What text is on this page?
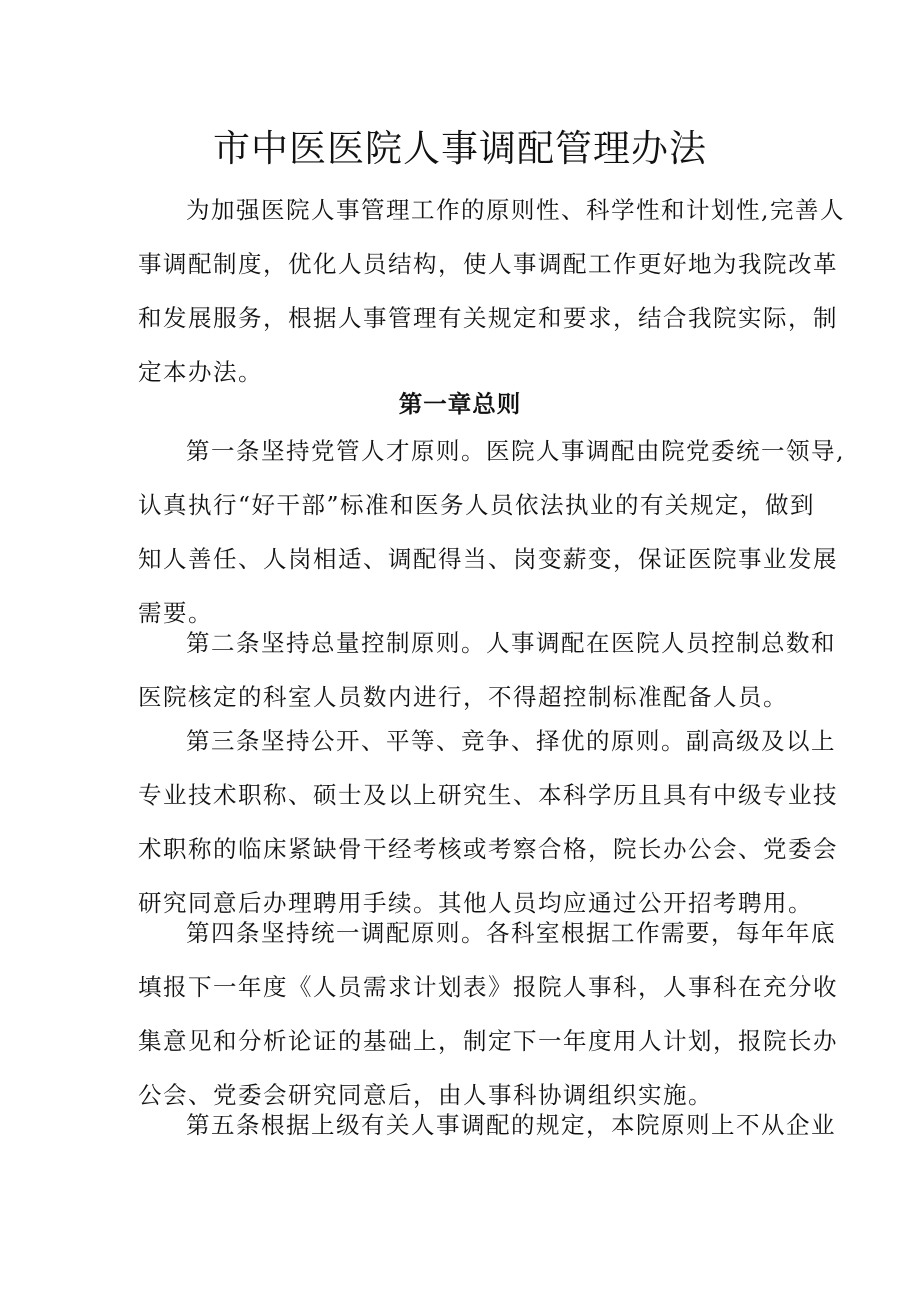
市中医医院人事调配管理办法
为加强医院人事管理工作的原则性、科学性和计划性,完善人
事调配制度，优化人员结构，使人事调配工作更好地为我院改革
和发展服务，根据人事管理有关规定和要求，结合我院实际，制
定本办法。
第一章总则
第一条坚持党管人才原则。医院人事调配由院党委统一领导,
认真执行“好干部”标准和医务人员依法执业的有关规定，做到
知人善任、人岗相适、调配得当、岗变薪变，保证医院事业发展
需要。
第二条坚持总量控制原则。人事调配在医院人员控制总数和
医院核定的科室人员数内进行，不得超控制标准配备人员。
第三条坚持公开、平等、竞争、择优的原则。副高级及以上
专业技术职称、硕士及以上研究生、本科学历且具有中级专业技
术职称的临床紧缺骨干经考核或考察合格，院长办公会、党委会
研究同意后办理聘用手续。其他人员均应通过公开招考聘用。
第四条坚持统一调配原则。各科室根据工作需要，每年年底
填报下一年度《人员需求计划表》报院人事科，人事科在充分收
集意见和分析论证的基础上，制定下一年度用人计划，报院长办
公会、党委会研究同意后，由人事科协调组织实施。
第五条根据上级有关人事调配的规定，本院原则上不从企业
